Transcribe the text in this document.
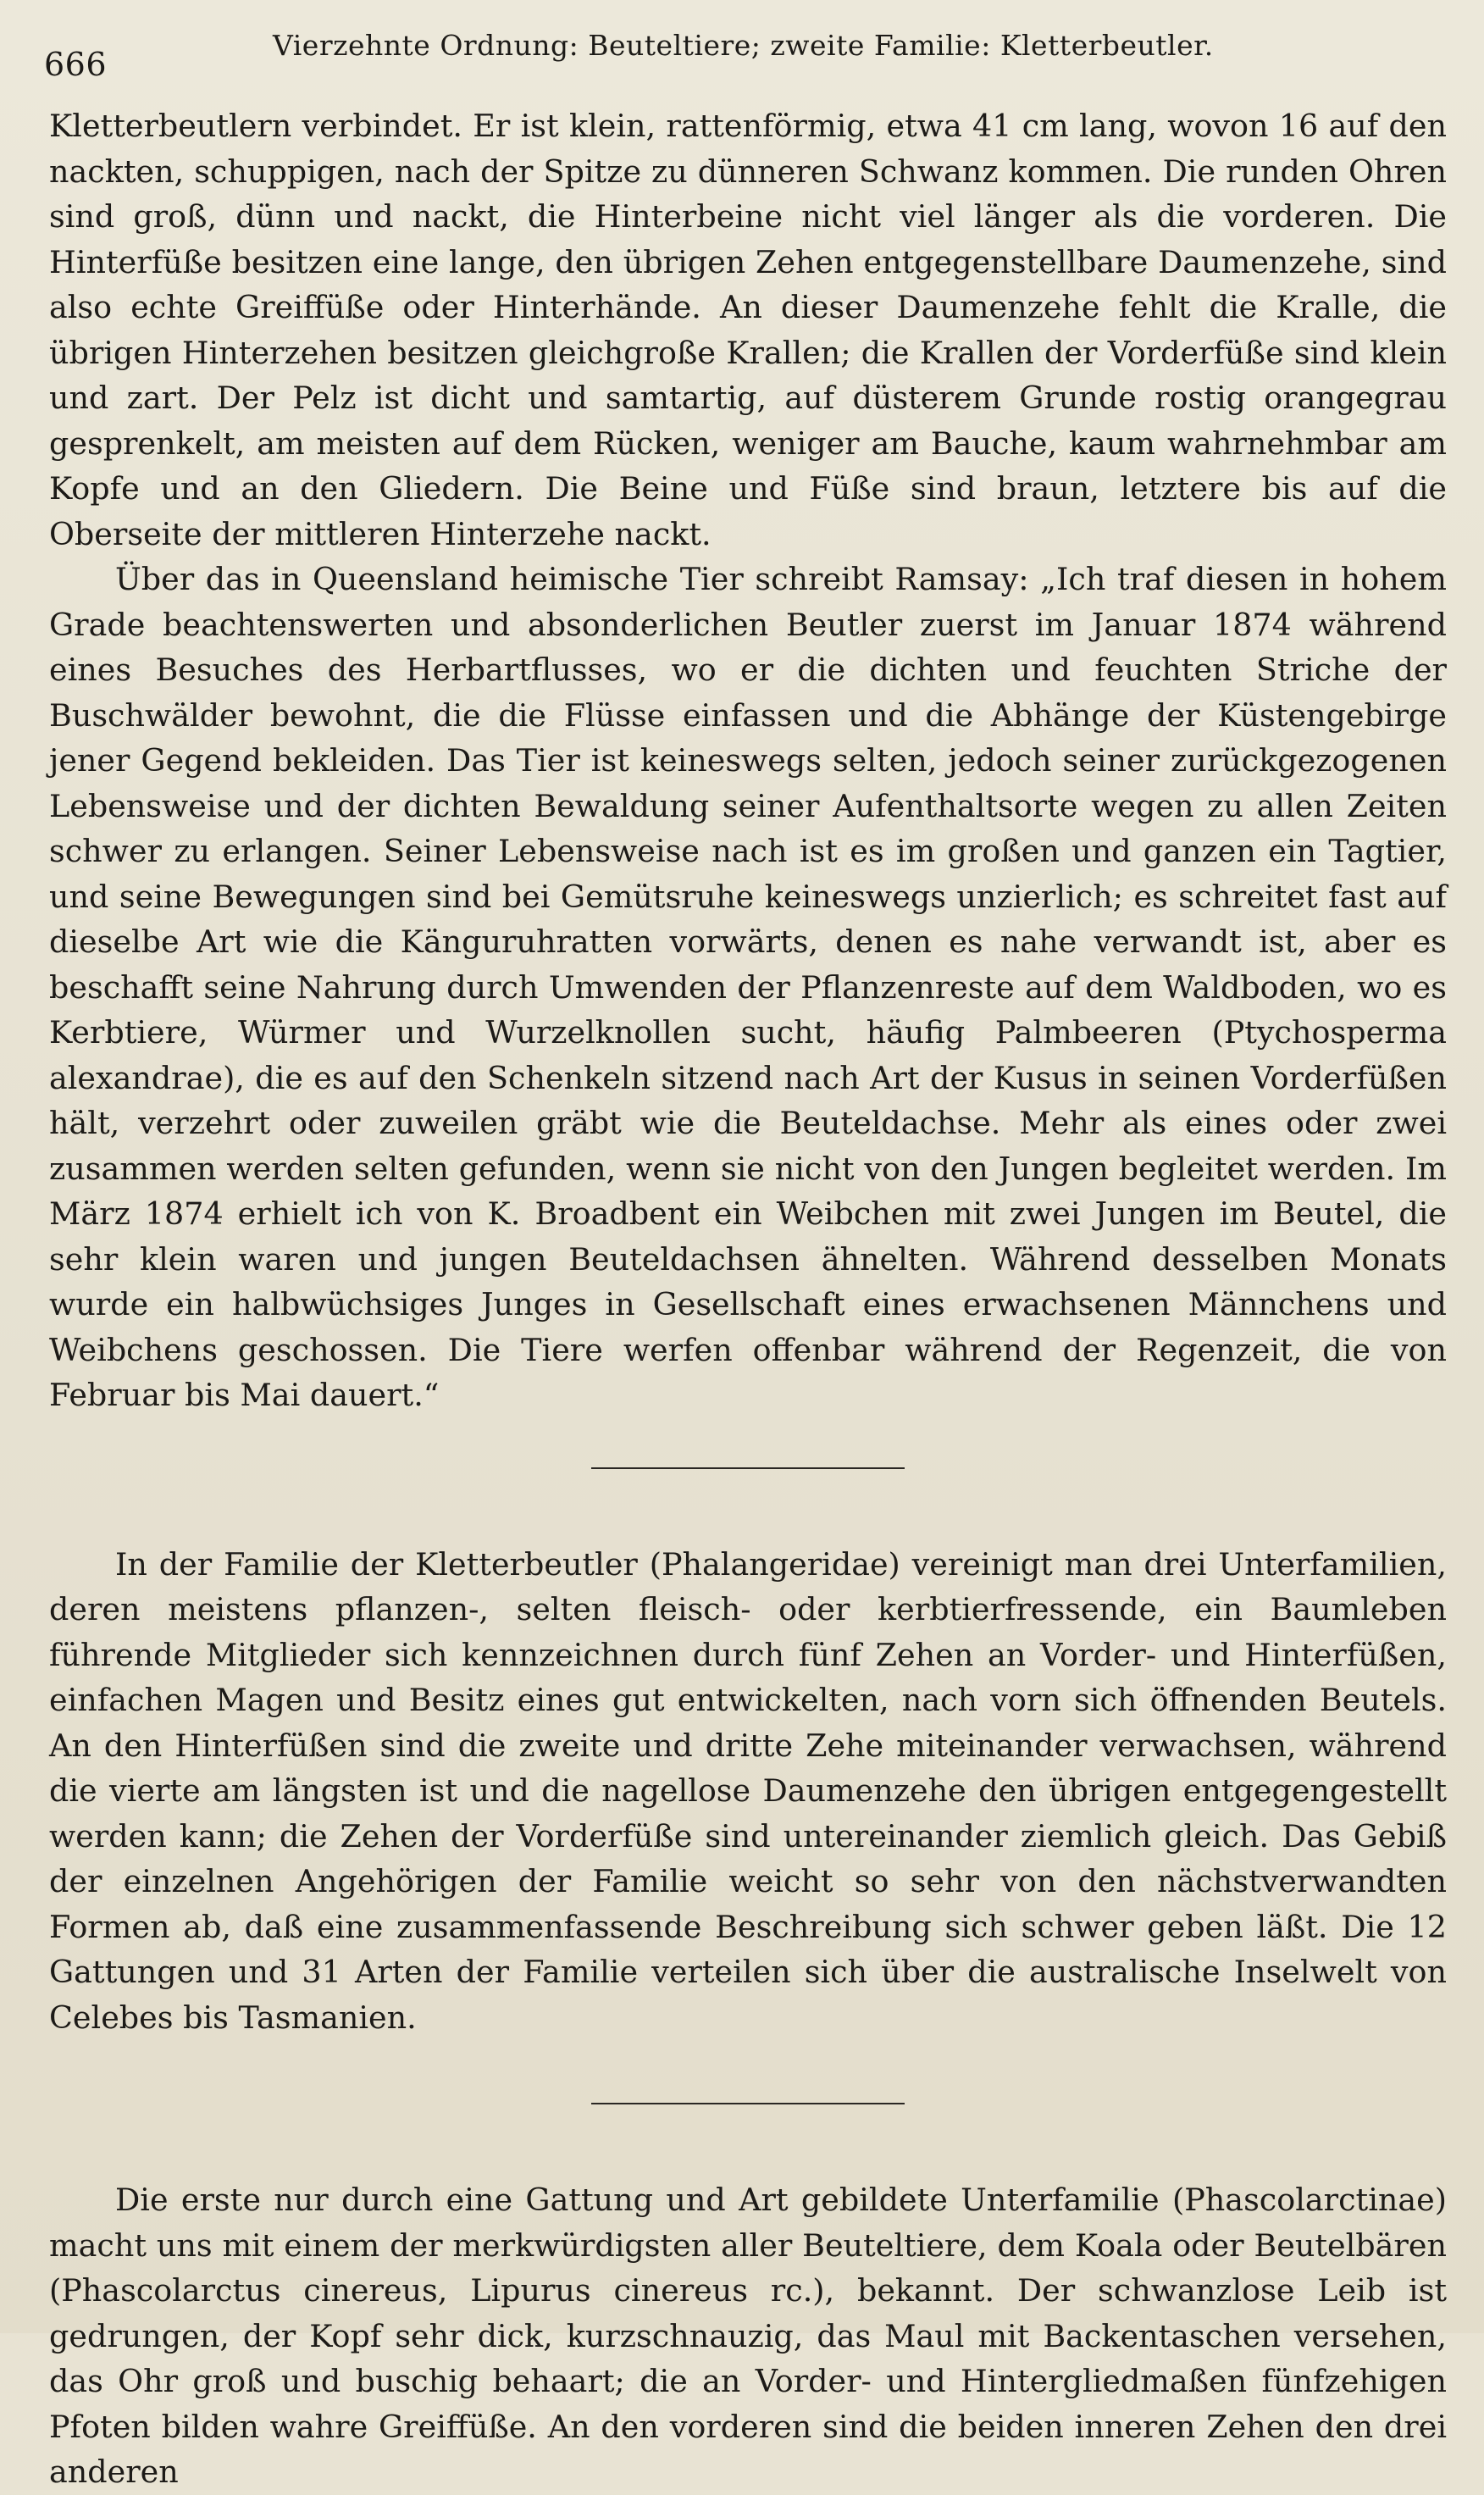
666
Vierzehnte Ordnung: Beuteltiere; zweite Familie: Kletterbeutler.

Kletterbeutlern verbindet. Er ist klein, rattenförmig, etwa 41 cm lang, wovon 16 auf den nackten, schuppigen, nach der Spitze zu dünneren Schwanz kommen. Die runden Ohren sind groß, dünn und nackt, die Hinterbeine nicht viel länger als die vorderen. Die Hinterfüße besitzen eine lange, den übrigen Zehen entgegenstellbare Daumenzehe, sind also echte Greiffüße oder Hinterhände. An dieser Daumenzehe fehlt die Kralle, die übrigen Hinterzehen besitzen gleichgroße Krallen; die Krallen der Vorderfüße sind klein und zart. Der Pelz ist dicht und samtartig, auf düsterem Grunde rostig orangegrau gesprenkelt, am meisten auf dem Rücken, weniger am Bauche, kaum wahrnehmbar am Kopfe und an den Gliedern. Die Beine und Füße sind braun, letztere bis auf die Oberseite der mittleren Hinterzehe nackt.

Über das in Queensland heimische Tier schreibt Ramsay: „Ich traf diesen in hohem Grade beachtenswerten und absonderlichen Beutler zuerst im Januar 1874 während eines Besuches des Herbartflusses, wo er die dichten und feuchten Striche der Buschwälder bewohnt, die die Flüsse einfassen und die Abhänge der Küstengebirge jener Gegend bekleiden. Das Tier ist keineswegs selten, jedoch seiner zurückgezogenen Lebensweise und der dichten Bewaldung seiner Aufenthaltsorte wegen zu allen Zeiten schwer zu erlangen. Seiner Lebensweise nach ist es im großen und ganzen ein Tagtier, und seine Bewegungen sind bei Gemütsruhe keineswegs unzierlich; es schreitet fast auf dieselbe Art wie die Känguruhratten vorwärts, denen es nahe verwandt ist, aber es beschafft seine Nahrung durch Umwenden der Pflanzenreste auf dem Waldboden, wo es Kerbtiere, Würmer und Wurzelknollen sucht, häufig Palmbeeren (Ptychosperma alexandrae), die es auf den Schenkeln sitzend nach Art der Kusus in seinen Vorderfüßen hält, verzehrt oder zuweilen gräbt wie die Beuteldachse. Mehr als eines oder zwei zusammen werden selten gefunden, wenn sie nicht von den Jungen begleitet werden. Im März 1874 erhielt ich von K. Broadbent ein Weibchen mit zwei Jungen im Beutel, die sehr klein waren und jungen Beuteldachsen ähnelten. Während desselben Monats wurde ein halbwüchsiges Junges in Gesellschaft eines erwachsenen Männchens und Weibchens geschossen. Die Tiere werfen offenbar während der Regenzeit, die von Februar bis Mai dauert.“

In der Familie der Kletterbeutler (Phalangeridae) vereinigt man drei Unterfamilien, deren meistens pflanzen-, selten fleisch- oder kerbtierfressende, ein Baumleben führende Mitglieder sich kennzeichnen durch fünf Zehen an Vorder- und Hinterfüßen, einfachen Magen und Besitz eines gut entwickelten, nach vorn sich öffnenden Beutels. An den Hinterfüßen sind die zweite und dritte Zehe miteinander verwachsen, während die vierte am längsten ist und die nagellose Daumenzehe den übrigen entgegengestellt werden kann; die Zehen der Vorderfüße sind untereinander ziemlich gleich. Das Gebiß der einzelnen Angehörigen der Familie weicht so sehr von den nächstverwandten Formen ab, daß eine zusammenfassende Beschreibung sich schwer geben läßt. Die 12 Gattungen und 31 Arten der Familie verteilen sich über die australische Inselwelt von Celebes bis Tasmanien.

Die erste nur durch eine Gattung und Art gebildete Unterfamilie (Phascolarctinae) macht uns mit einem der merkwürdigsten aller Beuteltiere, dem Koala oder Beutelbären (Phascolarctus cinereus, Lipurus cinereus rc.), bekannt. Der schwanzlose Leib ist gedrungen, der Kopf sehr dick, kurzschnauzig, das Maul mit Backentaschen versehen, das Ohr groß und buschig behaart; die an Vorder- und Hintergliedmaßen fünfzehigen Pfoten bilden wahre Greiffüße. An den vorderen sind die beiden inneren Zehen den drei anderen
